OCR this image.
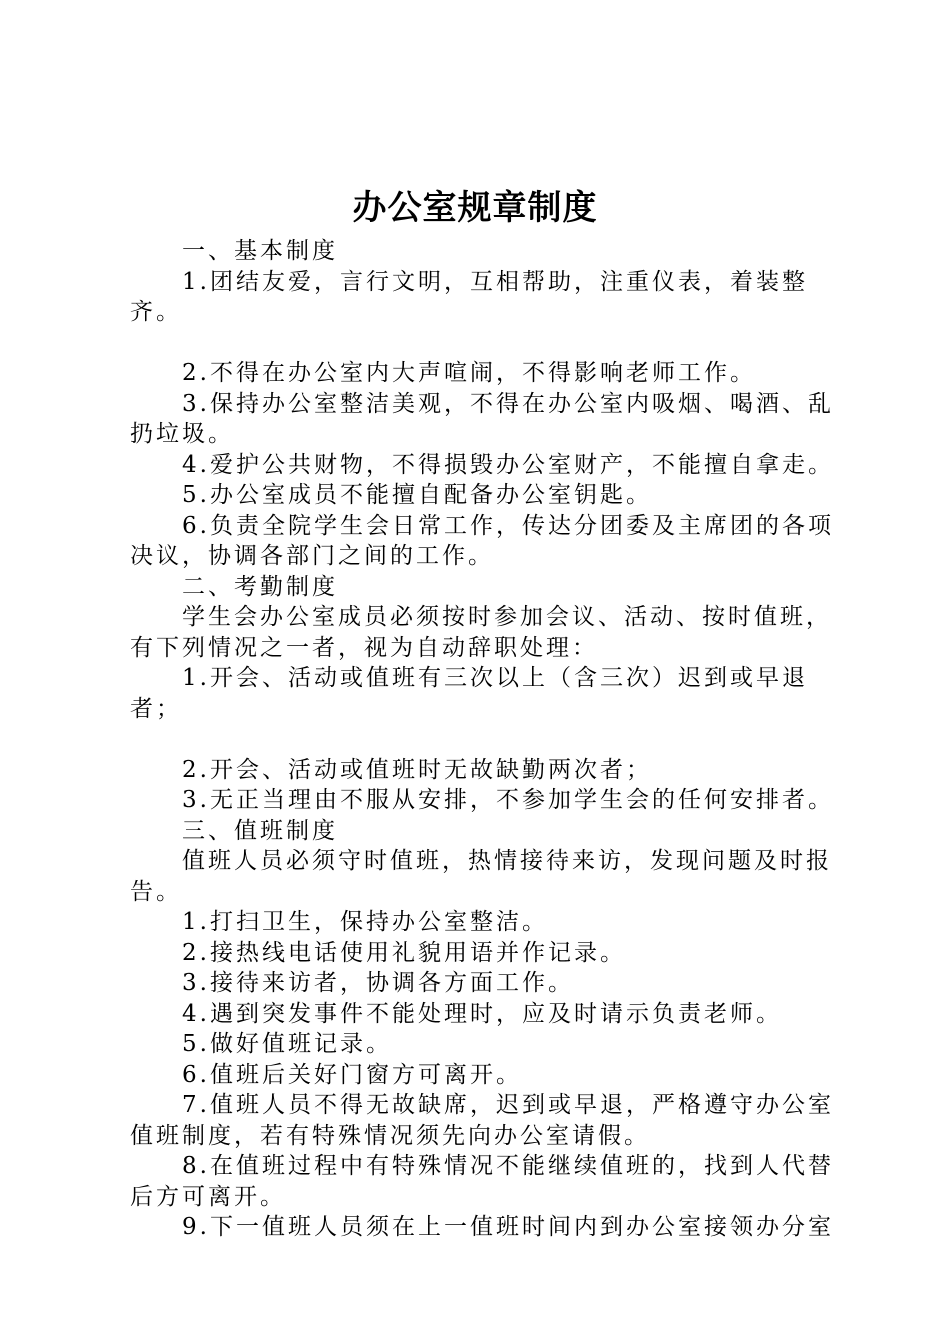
办公室规章制度

一、基本制度

1.团结友爱，言行文明，互相帮助，注重仪表，着装整齐。

2.不得在办公室内大声喧闹，不得影响老师工作。

3.保持办公室整洁美观，不得在办公室内吸烟、喝酒、乱扔垃圾。

4.爱护公共财物，不得损毁办公室财产，不能擅自拿走。

5.办公室成员不能擅自配备办公室钥匙。

6.负责全院学生会日常工作，传达分团委及主席团的各项决议，协调各部门之间的工作。

二、考勤制度

学生会办公室成员必须按时参加会议、活动、按时值班，有下列情况之一者，视为自动辞职处理：

1.开会、活动或值班有三次以上（含三次）迟到或早退者；

2.开会、活动或值班时无故缺勤两次者；

3.无正当理由不服从安排，不参加学生会的任何安排者。

三、值班制度

值班人员必须守时值班，热情接待来访，发现问题及时报告。

1.打扫卫生，保持办公室整洁。

2.接热线电话使用礼貌用语并作记录。

3.接待来访者，协调各方面工作。

4.遇到突发事件不能处理时，应及时请示负责老师。

5.做好值班记录。

6.值班后关好门窗方可离开。

7.值班人员不得无故缺席，迟到或早退，严格遵守办公室值班制度，若有特殊情况须先向办公室请假。

8.在值班过程中有特殊情况不能继续值班的，找到人代替后方可离开。

9.下一值班人员须在上一值班时间内到办公室接领办分室
